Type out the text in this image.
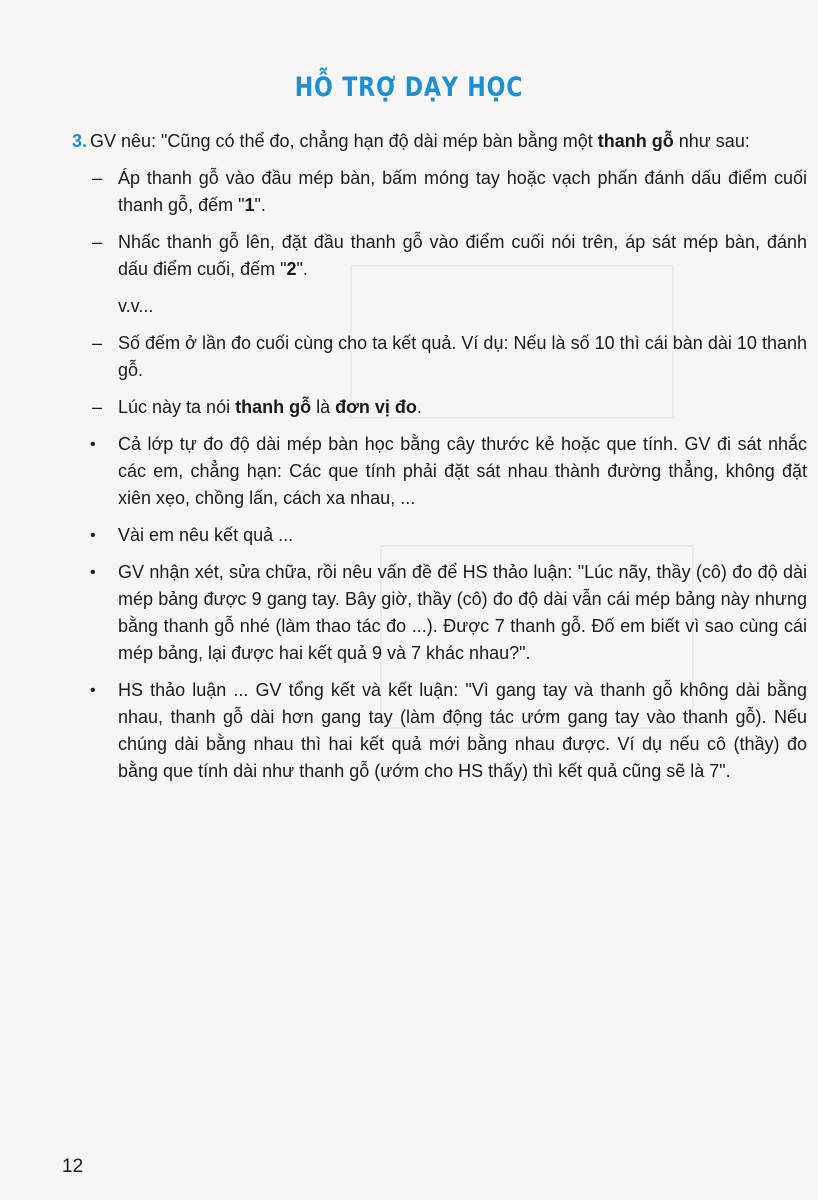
HỖ TRỢ DẠY HỌC
3. GV nêu: "Cũng có thể đo, chẳng hạn độ dài mép bàn bằng một thanh gỗ như sau:
– Áp thanh gỗ vào đầu mép bàn, bấm móng tay hoặc vạch phấn đánh dấu điểm cuối thanh gỗ, đếm "1".
– Nhấc thanh gỗ lên, đặt đầu thanh gỗ vào điểm cuối nói trên, áp sát mép bàn, đánh dấu điểm cuối, đếm "2".
v.v...
– Số đếm ở lần đo cuối cùng cho ta kết quả. Ví dụ: Nếu là số 10 thì cái bàn dài 10 thanh gỗ.
– Lúc này ta nói thanh gỗ là đơn vị đo.
• Cả lớp tự đo độ dài mép bàn học bằng cây thước kẻ hoặc que tính. GV đi sát nhắc các em, chẳng hạn: Các que tính phải đặt sát nhau thành đường thẳng, không đặt xiên xẹo, chồng lấn, cách xa nhau, ...
• Vài em nêu kết quả ...
• GV nhận xét, sửa chữa, rồi nêu vấn đề để HS thảo luận: "Lúc nãy, thầy (cô) đo độ dài mép bảng được 9 gang tay. Bây giờ, thầy (cô) đo độ dài vẫn cái mép bảng này nhưng bằng thanh gỗ nhé (làm thao tác đo ...). Được 7 thanh gỗ. Đố em biết vì sao cùng cái mép bảng, lại được hai kết quả 9 và 7 khác nhau?".
• HS thảo luận ... GV tổng kết và kết luận: "Vì gang tay và thanh gỗ không dài bằng nhau, thanh gỗ dài hơn gang tay (làm động tác ướm gang tay vào thanh gỗ). Nếu chúng dài bằng nhau thì hai kết quả mới bằng nhau được. Ví dụ nếu cô (thầy) đo bằng que tính dài như thanh gỗ (ướm cho HS thấy) thì kết quả cũng sẽ là 7".
12
